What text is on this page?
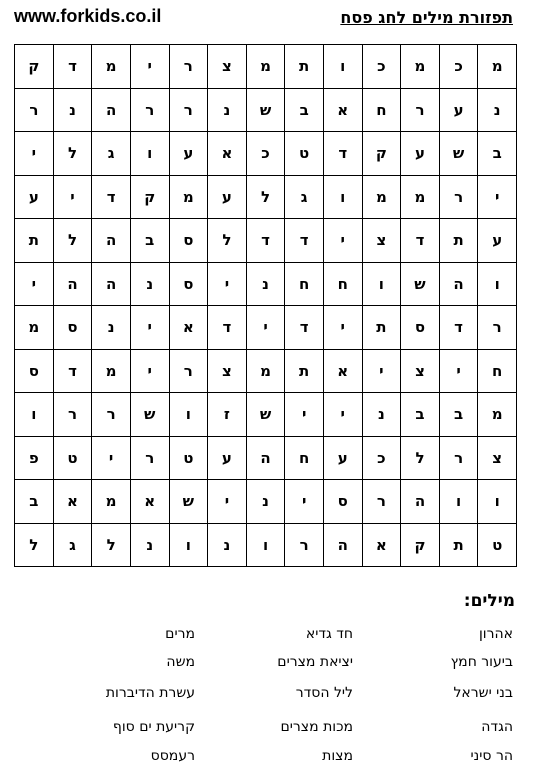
www.forkids.co.il	תפזורת מילים לחג פסח
מ	כ	מ	כ	ו	ת	מ	צ	ר	י	מ	ד	ק
נ	ע	ר	ח	א	ב	ש	נ	ר	ר	ה	נ	ר
ב	ש	ע	ק	ד	ט	כ	א	ע	ו	ג	ל	י
י	ר	מ	מ	ו	ג	ל	ע	מ	ק	ד	י	ע
ע	ת	ד	צ	י	ד	ד	ל	ס	ב	ה	ל	ת
ו	ה	ש	ו	ח	ח	נ	י	ס	נ	ה	ה	י
ר	ד	ס	ת	י	ד	י	ד	א	י	נ	ס	מ
ח	י	צ	י	א	ת	מ	צ	ר	י	מ	ד	ס
מ	ב	ב	נ	י	י	ש	ז	ו	ש	ר	ר	ו
צ	ר	ל	כ	ע	ח	ה	ע	ט	ר	י	ט	פ
ו	ו	ה	ר	ס	י	נ	י	ש	א	מ	א	ב
ט	ת	ק	א	ה	ר	ו	נ	ו	נ	ל	ג	ל
מילים:
אהרון
חד גדיא
מרים
ביעור חמץ
יציאת מצרים
משה
בני ישראל
ליל הסדר
עשרת הדיברות
הגדה
מכות מצרים
קריעת ים סוף
הר סיני
מצות
רעמסס
